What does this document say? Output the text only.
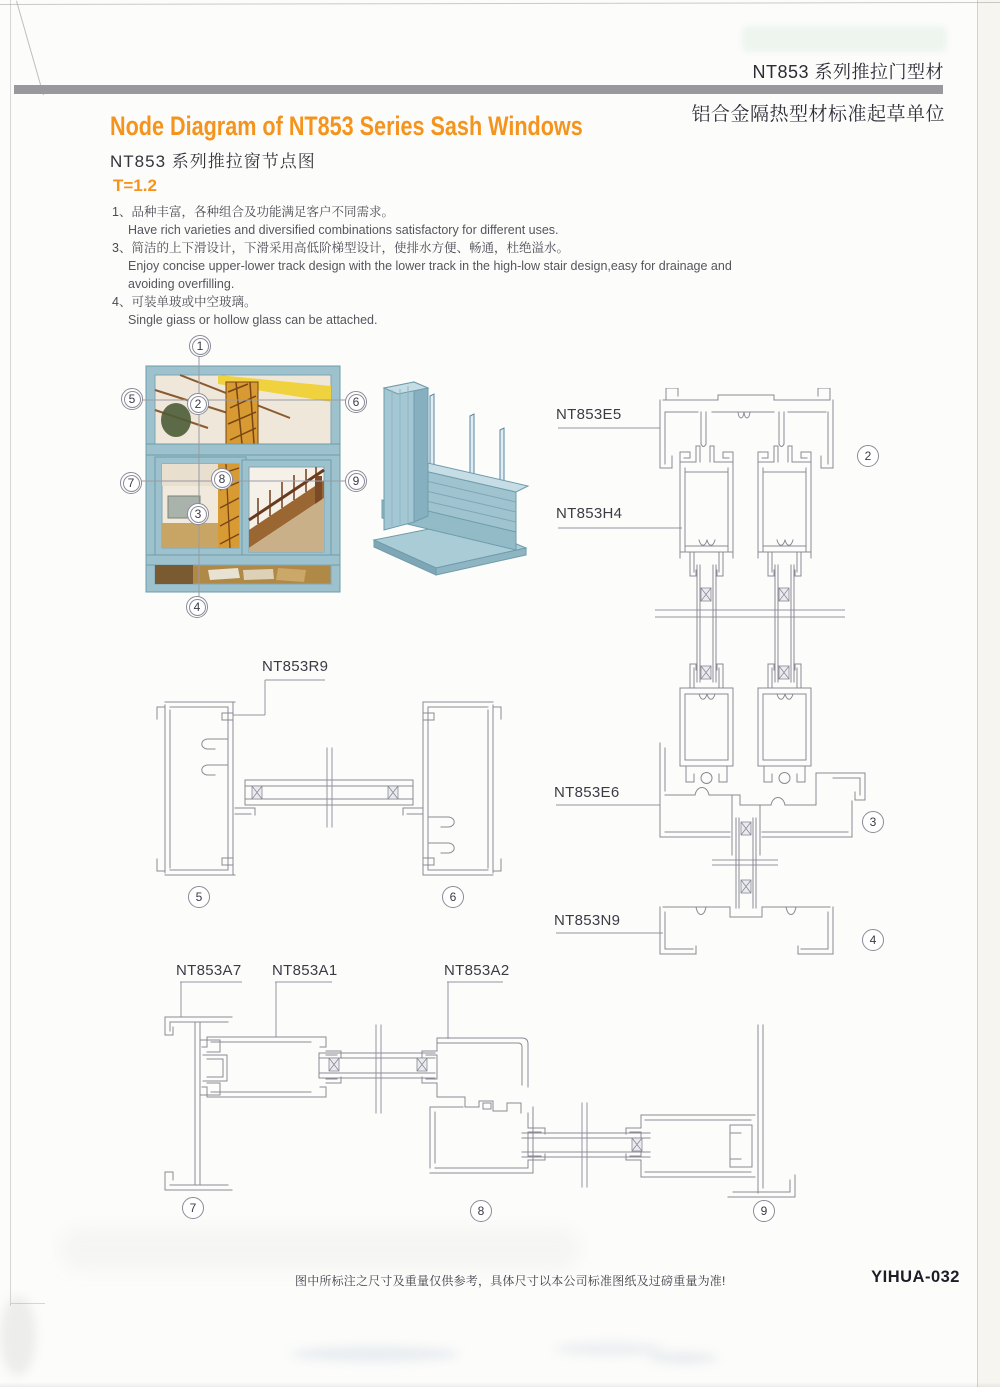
NT853 系列推拉门型材
铝合金隔热型材标准起草单位
Node Diagram of NT853 Series Sash Windows
NT853 系列推拉窗节点图
T=1.2
1、品种丰富，各种组合及功能满足客户不同需求。
Have rich varieties and diversified combinations satisfactory for different uses.
3、简洁的上下滑设计，下滑采用高低阶梯型设计，使排水方便、畅通，杜绝溢水。
Enjoy concise upper-lower track design with the lower track in the high-low stair design,easy for drainage and avoiding overfilling.
4、可装单玻或中空玻璃。
Single giass or hollow glass can be attached.
NT853E5
NT853H4
NT853E6
NT853N9
NT853R9
NT853A7 NT853A1	NT853A2
1
2
3
4
5	6
7	8	9
2
3
4
5	6
7	8	9
图中所标注之尺寸及重量仅供参考，具体尺寸以本公司标准图纸及过磅重量为准!	YIHUA-032
